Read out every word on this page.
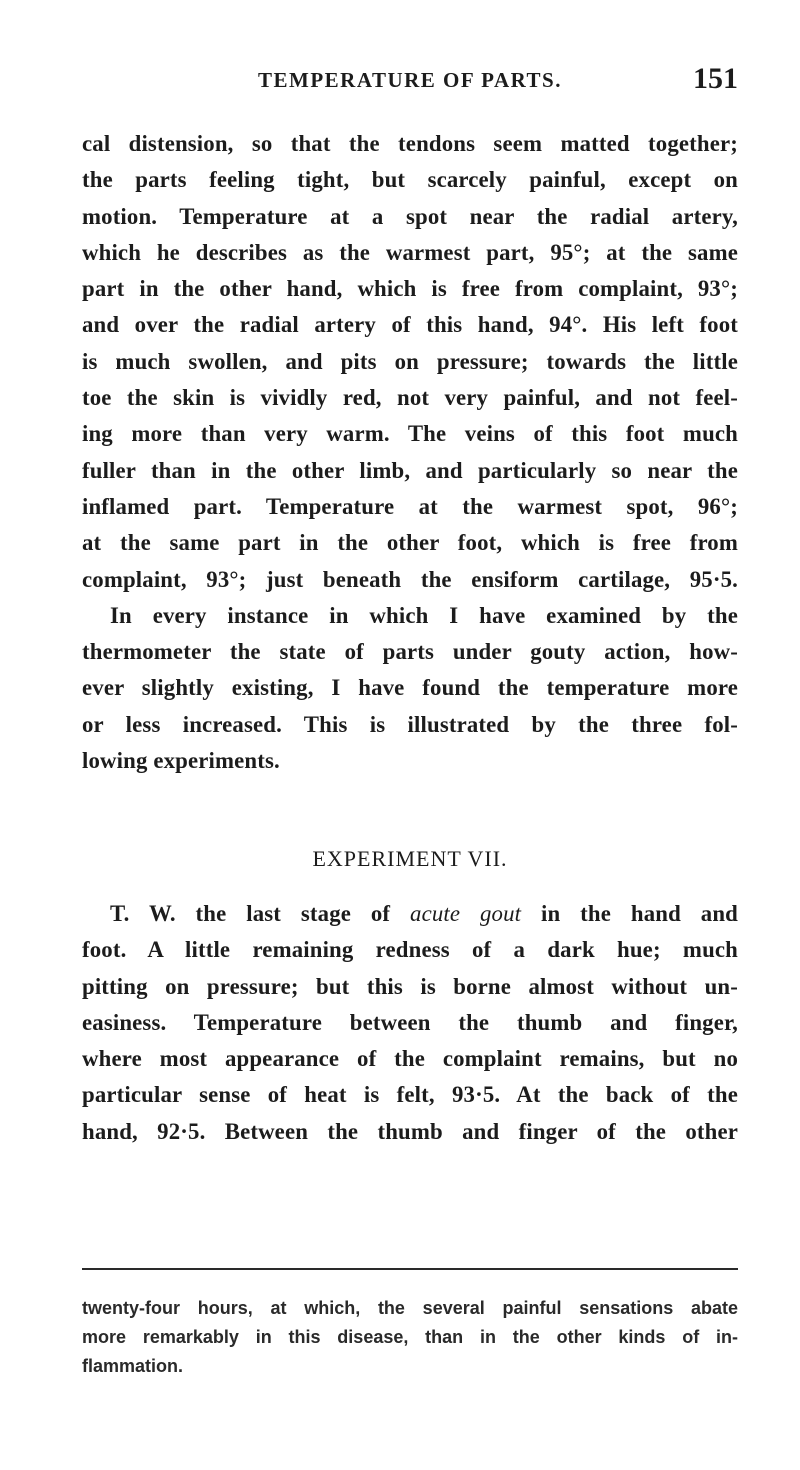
TEMPERATURE OF PARTS.	151
cal distension, so that the tendons seem matted together;
the parts feeling tight, but scarcely painful, except on
motion. Temperature at a spot near the radial artery,
which he describes as the warmest part, 95°; at the same
part in the other hand, which is free from complaint, 93°;
and over the radial artery of this hand, 94°. His left foot
is much swollen, and pits on pressure; towards the little
toe the skin is vividly red, not very painful, and not feel-
ing more than very warm. The veins of this foot much
fuller than in the other limb, and particularly so near the
inflamed part. Temperature at the warmest spot, 96°;
at the same part in the other foot, which is free from
complaint, 93°; just beneath the ensiform cartilage, 95·5.
In every instance in which I have examined by the
thermometer the state of parts under gouty action, how-
ever slightly existing, I have found the temperature more
or less increased. This is illustrated by the three fol-
lowing experiments.
EXPERIMENT VII.
T. W. the last stage of acute gout in the hand and
foot. A little remaining redness of a dark hue; much
pitting on pressure; but this is borne almost without un-
easiness. Temperature between the thumb and finger,
where most appearance of the complaint remains, but no
particular sense of heat is felt, 93·5. At the back of the
hand, 92·5. Between the thumb and finger of the other
twenty-four hours, at which, the several painful sensations abate
more remarkably in this disease, than in the other kinds of in-
flammation.
